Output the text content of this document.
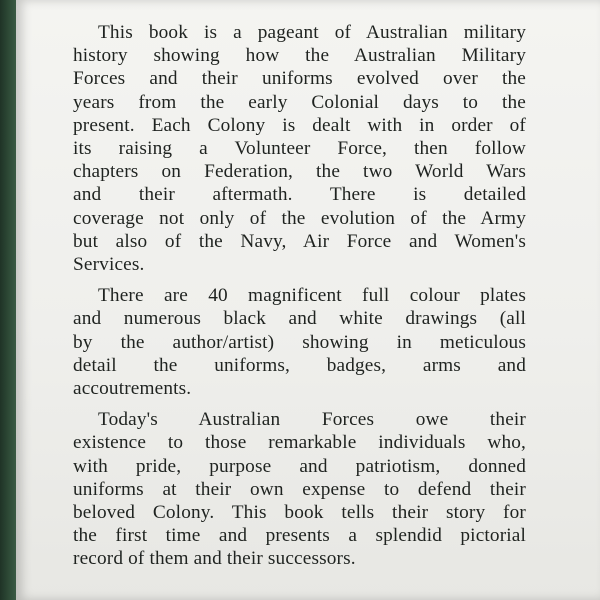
This book is a pageant of Australian military
history showing how the Australian Military
Forces and their uniforms evolved over the
years from the early Colonial days to the
present. Each Colony is dealt with in order of
its raising a Volunteer Force, then follow
chapters on Federation, the two World Wars
and their aftermath. There is detailed
coverage not only of the evolution of the Army
but also of the Navy, Air Force and Women's
Services.

There are 40 magnificent full colour plates
and numerous black and white drawings (all
by the author/artist) showing in meticulous
detail the uniforms, badges, arms and
accoutrements.

Today's Australian Forces owe their
existence to those remarkable individuals who,
with pride, purpose and patriotism, donned
uniforms at their own expense to defend their
beloved Colony. This book tells their story for
the first time and presents a splendid pictorial
record of them and their successors.
